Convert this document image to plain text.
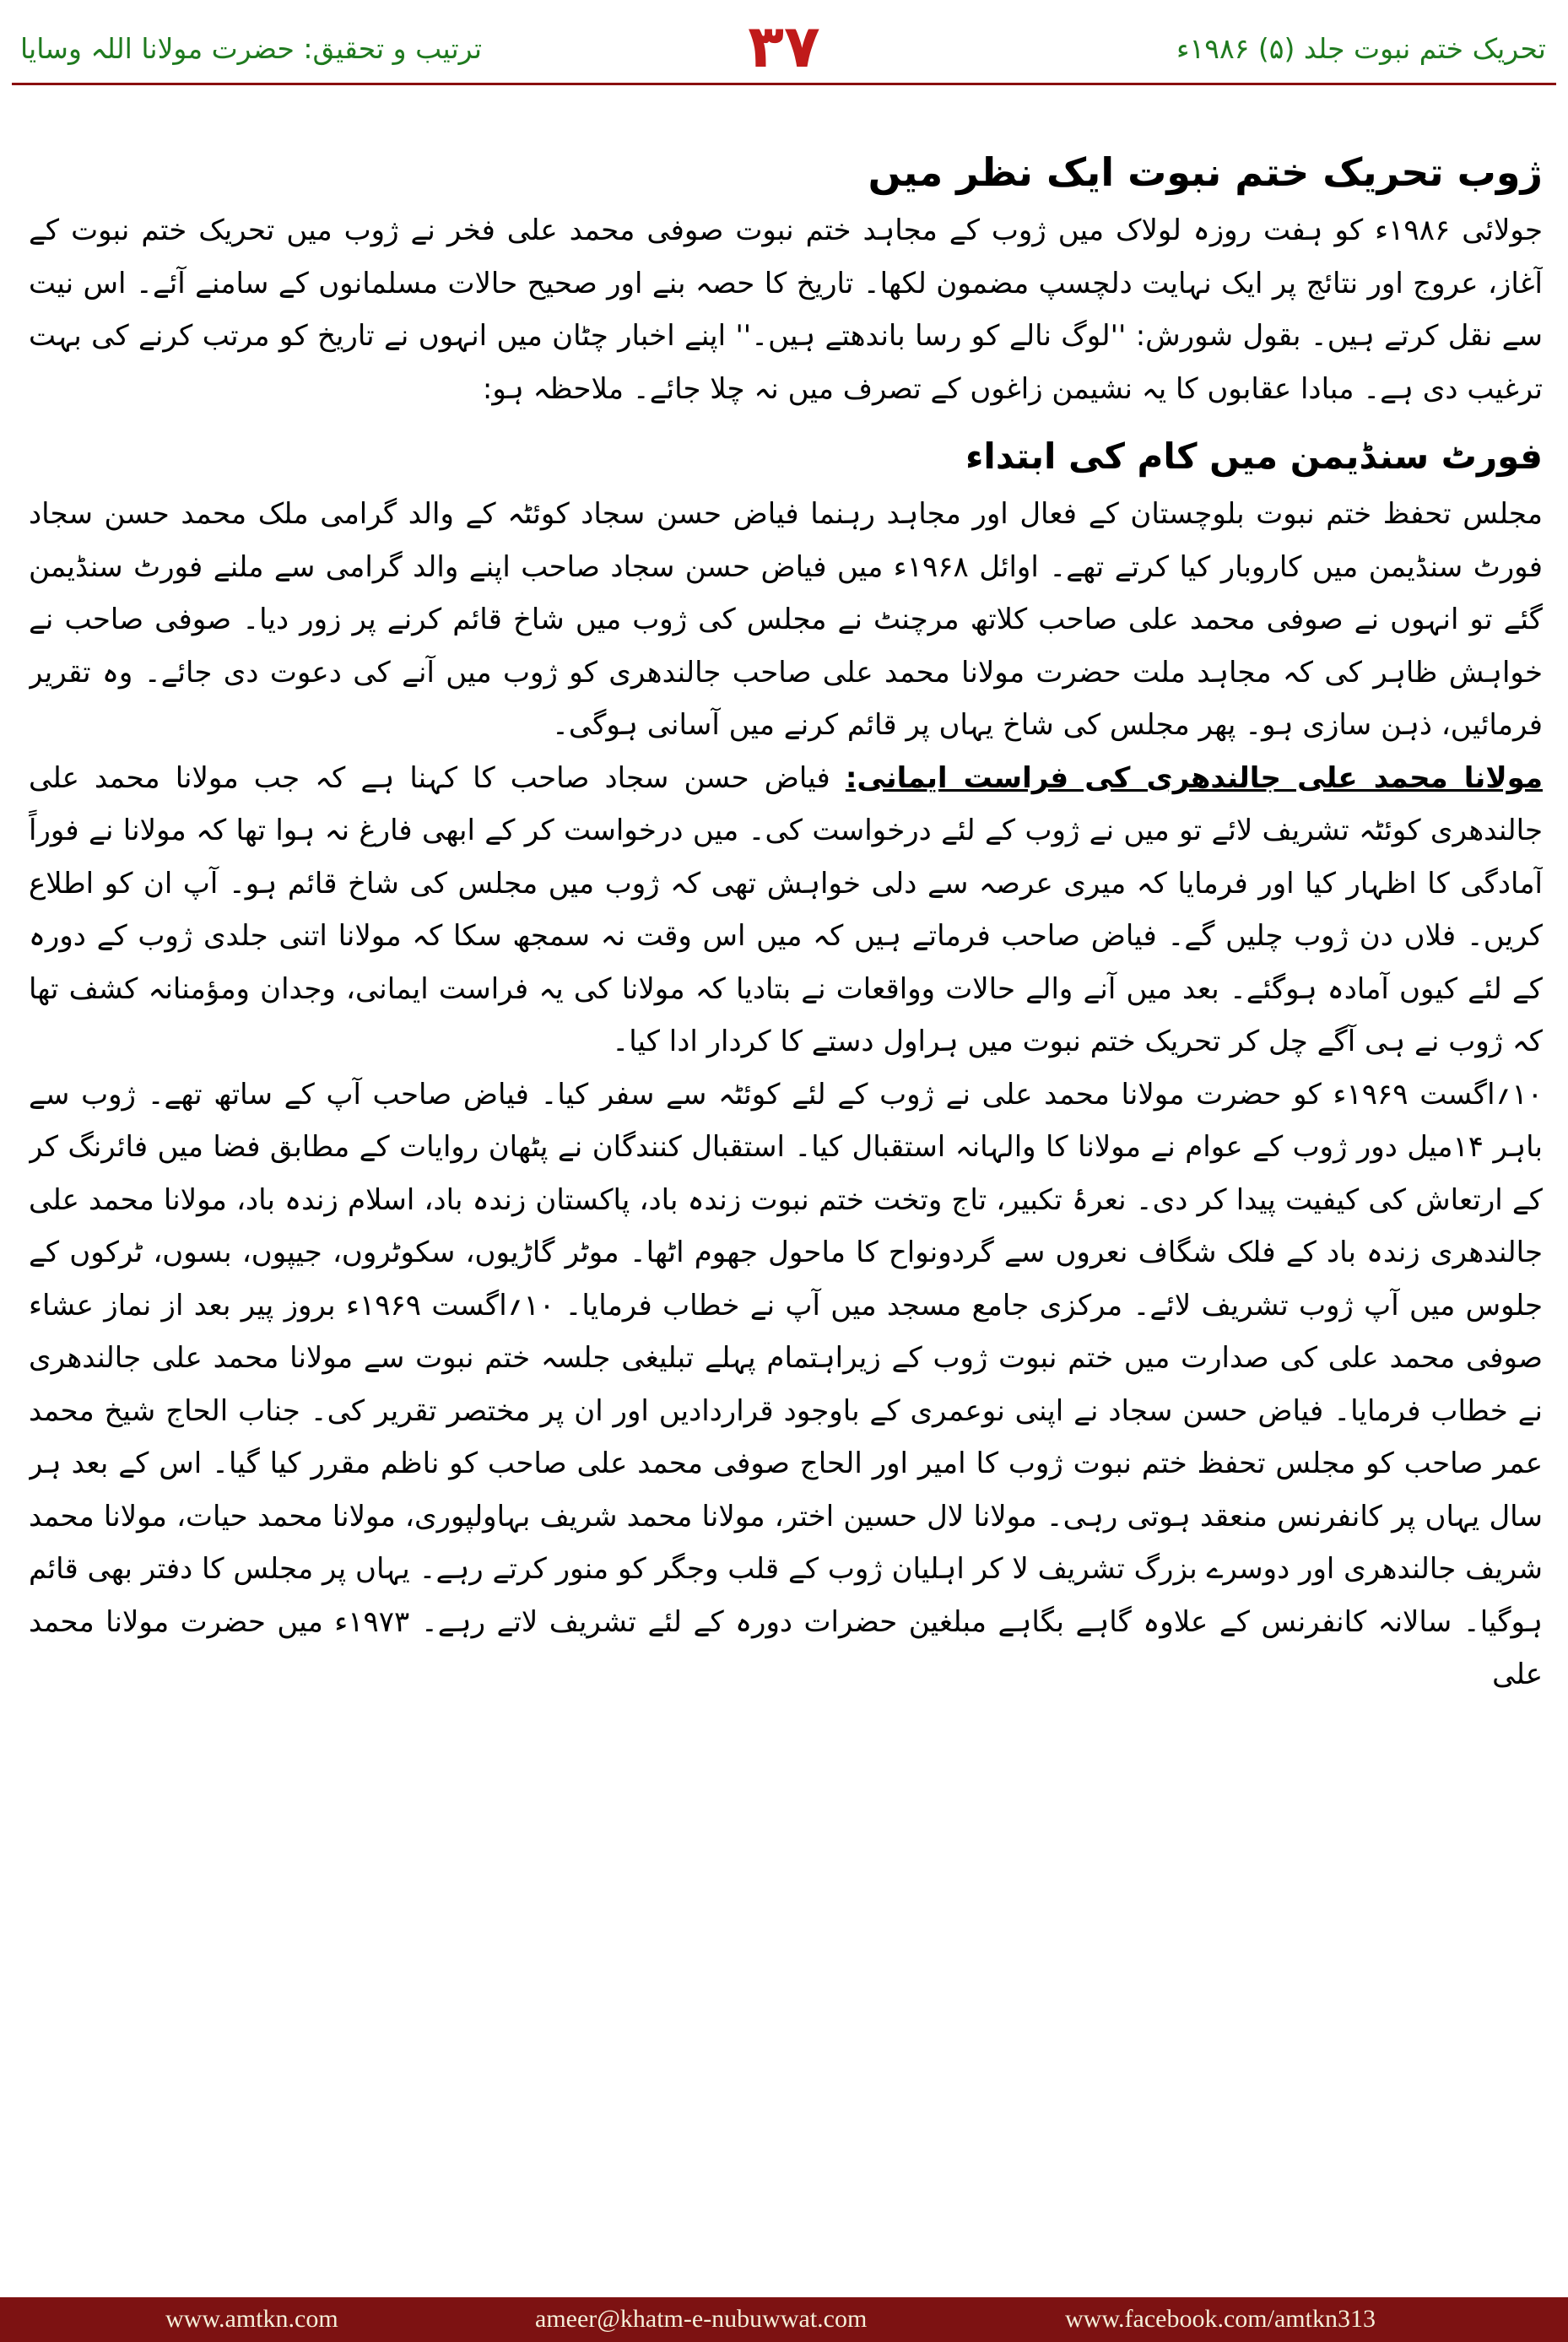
تحریک ختم نبوت جلد (۵) ۱۹۸۶ء
۳۷
ترتیب و تحقیق: حضرت مولانا اللہ وسایا
ژوب تحریک ختم نبوت ایک نظر میں

جولائی ۱۹۸۶ء کو ہفت روزہ لولاک میں ژوب کے مجاہد ختم نبوت صوفی محمد علی فخر نے ژوب میں تحریک ختم نبوت کے آغاز، عروج اور نتائج پر ایک نہایت دلچسپ مضمون لکھا۔ تاریخ کا حصہ بنے اور صحیح حالات مسلمانوں کے سامنے آئے۔ اس نیت سے نقل کرتے ہیں۔ بقول شورش: ''لوگ نالے کو رسا باندھتے ہیں۔'' اپنے اخبار چٹان میں انہوں نے تاریخ کو مرتب کرنے کی بہت ترغیب دی ہے۔ مبادا عقابوں کا یہ نشیمن زاغوں کے تصرف میں نہ چلا جائے۔ ملاحظہ ہو:

فورٹ سنڈیمن میں کام کی ابتداء

مجلس تحفظ ختم نبوت بلوچستان کے فعال اور مجاہد رہنما فیاض حسن سجاد کوئٹہ کے والد گرامی ملک محمد حسن سجاد فورٹ سنڈیمن میں کاروبار کیا کرتے تھے۔ اوائل ۱۹۶۸ء میں فیاض حسن سجاد صاحب اپنے والد گرامی سے ملنے فورٹ سنڈیمن گئے تو انہوں نے صوفی محمد علی صاحب کلاتھ مرچنٹ نے مجلس کی ژوب میں شاخ قائم کرنے پر زور دیا۔ صوفی صاحب نے خواہش ظاہر کی کہ مجاہد ملت حضرت مولانا محمد علی صاحب جالندھری کو ژوب میں آنے کی دعوت دی جائے۔ وہ تقریر فرمائیں، ذہن سازی ہو۔ پھر مجلس کی شاخ یہاں پر قائم کرنے میں آسانی ہوگی۔

مولانا محمد علی جالندھری کی فراست ایمانی: فیاض حسن سجاد صاحب کا کہنا ہے کہ جب مولانا محمد علی جالندھری کوئٹہ تشریف لائے تو میں نے ژوب کے لئے درخواست کی۔ میں درخواست کر کے ابھی فارغ نہ ہوا تھا کہ مولانا نے فوراً آمادگی کا اظہار کیا اور فرمایا کہ میری عرصہ سے دلی خواہش تھی کہ ژوب میں مجلس کی شاخ قائم ہو۔ آپ ان کو اطلاع کریں۔ فلاں دن ژوب چلیں گے۔ فیاض صاحب فرماتے ہیں کہ میں اس وقت نہ سمجھ سکا کہ مولانا اتنی جلدی ژوب کے دورہ کے لئے کیوں آمادہ ہوگئے۔ بعد میں آنے والے حالات وواقعات نے بتادیا کہ مولانا کی یہ فراست ایمانی، وجدان ومؤمنانہ کشف تھا کہ ژوب نے ہی آگے چل کر تحریک ختم نبوت میں ہراول دستے کا کردار ادا کیا۔

۱۰؍اگست ۱۹۶۹ء کو حضرت مولانا محمد علی نے ژوب کے لئے کوئٹہ سے سفر کیا۔ فیاض صاحب آپ کے ساتھ تھے۔ ژوب سے باہر ۱۴میل دور ژوب کے عوام نے مولانا کا والہانہ استقبال کیا۔ استقبال کنندگان نے پٹھان روایات کے مطابق فضا میں فائرنگ کر کے ارتعاش کی کیفیت پیدا کر دی۔ نعرۂ تکبیر، تاج وتخت ختم نبوت زندہ باد، پاکستان زندہ باد، اسلام زندہ باد، مولانا محمد علی جالندھری زندہ باد کے فلک شگاف نعروں سے گردونواح کا ماحول جھوم اٹھا۔ موٹر گاڑیوں، سکوٹروں، جیپوں، بسوں، ٹرکوں کے جلوس میں آپ ژوب تشریف لائے۔ مرکزی جامع مسجد میں آپ نے خطاب فرمایا۔ ۱۰؍اگست ۱۹۶۹ء بروز پیر بعد از نماز عشاء صوفی محمد علی کی صدارت میں ختم نبوت ژوب کے زیراہتمام پہلے تبلیغی جلسہ ختم نبوت سے مولانا محمد علی جالندھری نے خطاب فرمایا۔ فیاض حسن سجاد نے اپنی نوعمری کے باوجود قراردادیں اور ان پر مختصر تقریر کی۔ جناب الحاج شیخ محمد عمر صاحب کو مجلس تحفظ ختم نبوت ژوب کا امیر اور الحاج صوفی محمد علی صاحب کو ناظم مقرر کیا گیا۔ اس کے بعد ہر سال یہاں پر کانفرنس منعقد ہوتی رہی۔ مولانا لال حسین اختر، مولانا محمد شریف بہاولپوری، مولانا محمد حیات، مولانا محمد شریف جالندھری اور دوسرے بزرگ تشریف لا کر اہلیان ژوب کے قلب وجگر کو منور کرتے رہے۔ یہاں پر مجلس کا دفتر بھی قائم ہوگیا۔ سالانہ کانفرنس کے علاوہ گاہے بگاہے مبلغین حضرات دورہ کے لئے تشریف لاتے رہے۔ ۱۹۷۳ء میں حضرت مولانا محمد علی

www.amtkn.com	ameer@khatm-e-nubuwwat.com	www.facebook.com/amtkn313
